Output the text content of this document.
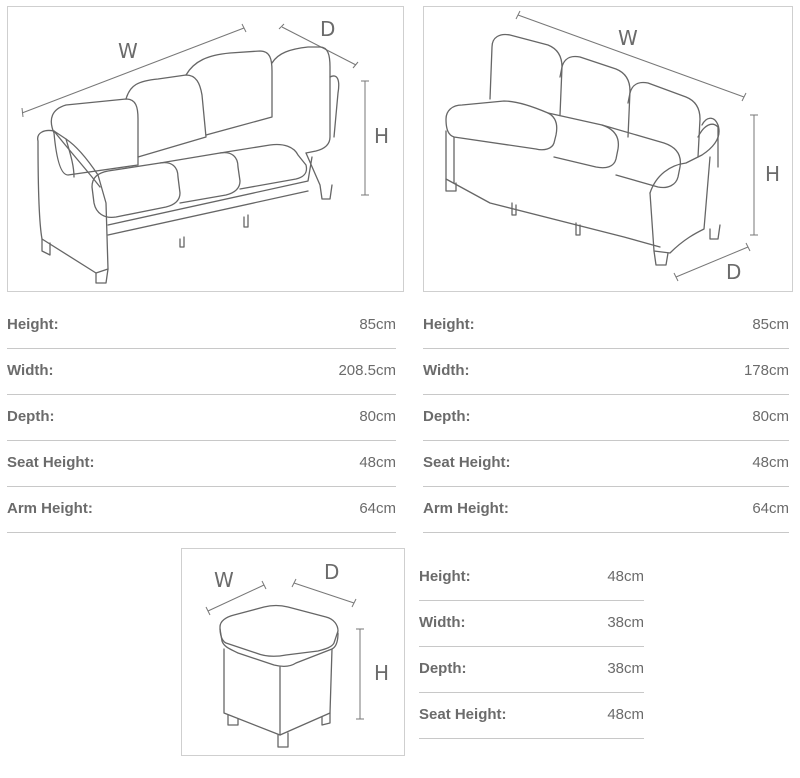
W
D
H
W
H
D
Height:	85cm
Width:	208.5cm
Depth:	80cm
Seat Height:	48cm
Arm Height:	64cm
Height:	85cm
Width:	178cm
Depth:	80cm
Seat Height:	48cm
Arm Height:	64cm
W	D
H
Height:	48cm
Width:	38cm
Depth:	38cm
Seat Height:	48cm
